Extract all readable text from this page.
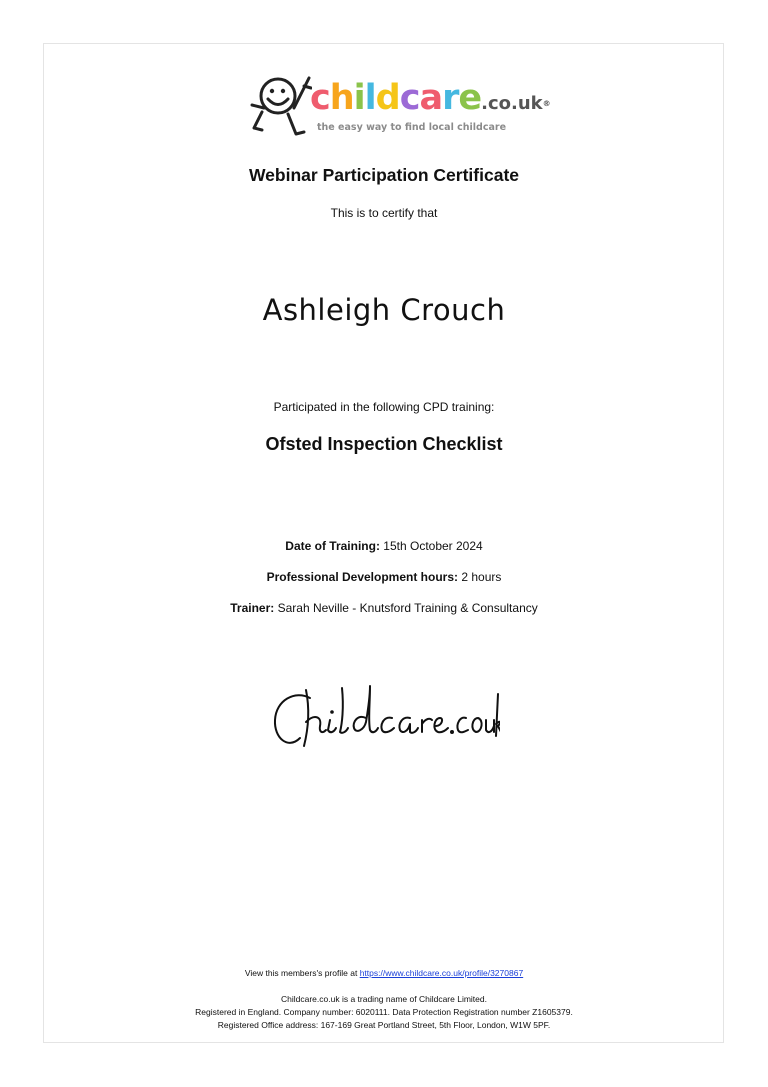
childcare.co.uk®
the easy way to find local childcare
Webinar Participation Certificate
This is to certify that
Ashleigh Crouch
Participated in the following CPD training:
Ofsted Inspection Checklist
Date of Training: 15th October 2024
Professional Development hours: 2 hours
Trainer: Sarah Neville - Knutsford Training & Consultancy
View this members's profile at https://www.childcare.co.uk/profile/3270867
Childcare.co.uk is a trading name of Childcare Limited.
Registered in England. Company number: 6020111. Data Protection Registration number Z1605379.
Registered Office address: 167-169 Great Portland Street, 5th Floor, London, W1W 5PF.
